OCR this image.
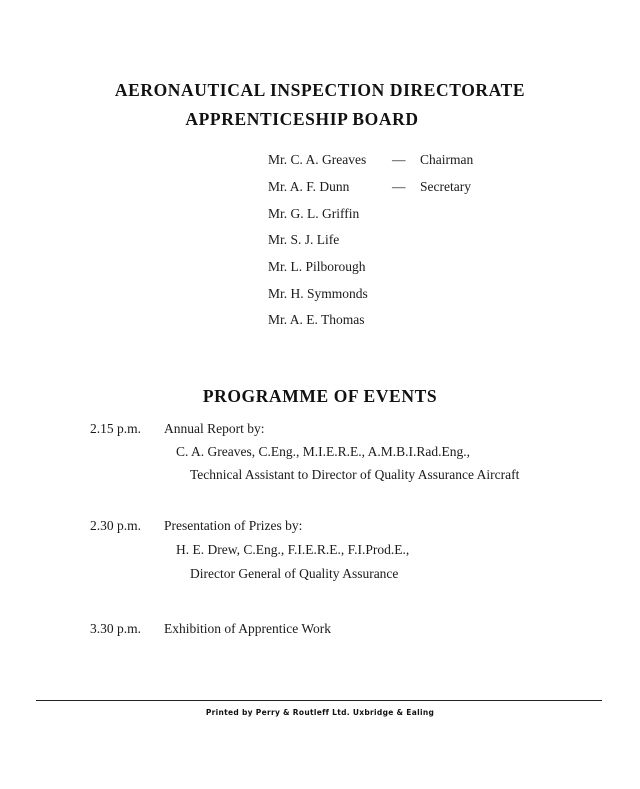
AERONAUTICAL INSPECTION DIRECTORATE
APPRENTICESHIP BOARD
Mr. C. A. Greaves — Chairman
Mr. A. F. Dunn	— Secretary
Mr. G. L. Griffin
Mr. S. J. Life
Mr. L. Pilborough
Mr. H. Symmonds
Mr. A. E. Thomas
PROGRAMME OF EVENTS
2.15 p.m. Annual Report by:
C. A. Greaves, C.Eng., M.I.E.R.E., A.M.B.I.Rad.Eng.,
Technical Assistant to Director of Quality Assurance Aircraft
2.30 p.m. Presentation of Prizes by:
H. E. Drew, C.Eng., F.I.E.R.E., F.I.Prod.E.,
Director General of Quality Assurance
3.30 p.m. Exhibition of Apprentice Work
Printed by Perry & Routleff Ltd. Uxbridge & Ealing
